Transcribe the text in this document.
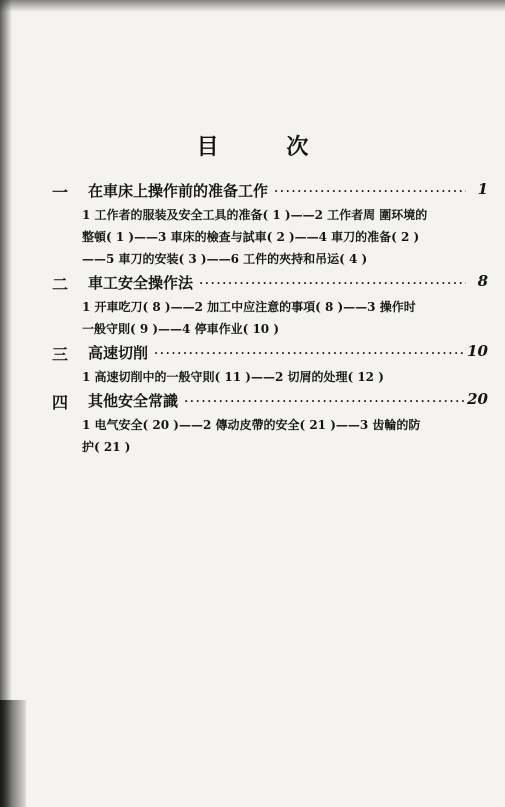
目 次
一	在車床上操作前的准备工作 ·····	1
1 工作者的服装及安全工具的准备( 1 )——2 工作者周 圍环境的
整頓( 1 )——3 車床的檢查与試車( 2 )——4 車刀的准备( 2 )
——5 車刀的安装( 3 )——6 工件的夾持和吊运( 4 )
二	車工安全操作法 ·····	8
1 开車吃刀( 8 )——2 加工中应注意的事項( 8 )——3 操作时
一般守則( 9 )——4 停車作业( 10 )
三	高速切削 ·····	10
1 高速切削中的一般守則( 11 )——2 切屑的处理( 12 )
四	其他安全常識 ·····	20
1 电气安全( 20 )——2 傳动皮帶的安全( 21 )——3 齿輪的防
护( 21 )
